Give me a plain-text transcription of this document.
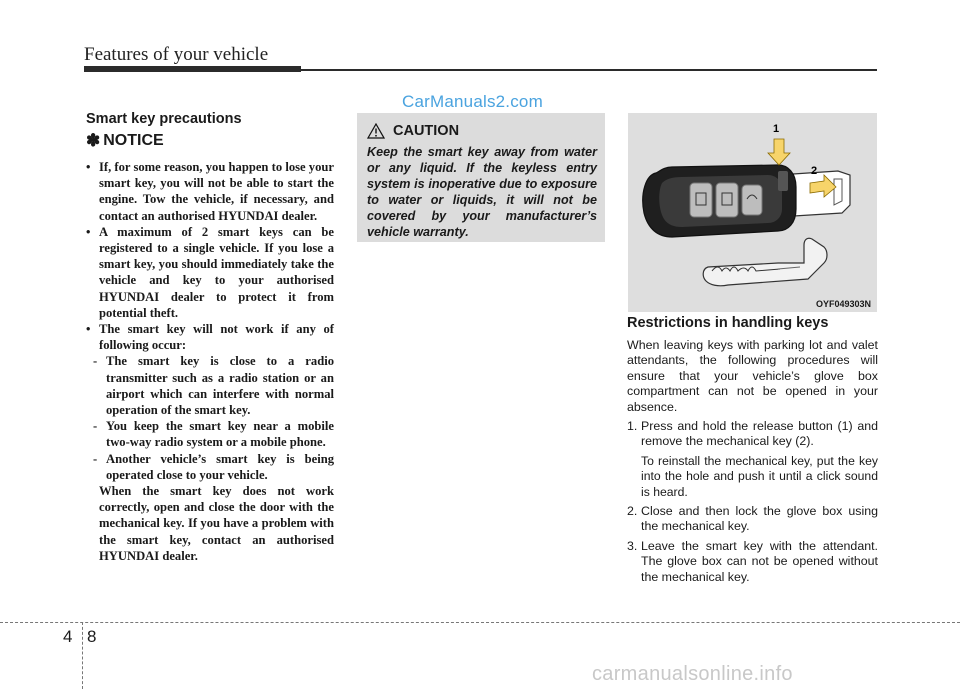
Features of your vehicle
CarManuals2.com
Smart key precautions
✽ NOTICE

• If, for some reason, you happen to lose your smart key, you will not be able to start the engine. Tow the vehicle, if necessary, and contact an authorised HYUNDAI dealer.

• A maximum of 2 smart keys can be registered to a single vehicle. If you lose a smart key, you should immediately take the vehicle and key to your authorised HYUNDAI dealer to protect it from potential theft.

• The smart key will not work if any of following occur:

- The smart key is close to a radio transmitter such as a radio station or an airport which can interfere with normal operation of the smart key.

- You keep the smart key near a mobile two-way radio system or a mobile phone.

- Another vehicle’s smart key is being operated close to your vehicle.

When the smart key does not work correctly, open and close the door with the mechanical key. If you have a problem with the smart key, contact an authorised HYUNDAI dealer.

CAUTION
Keep the smart key away from water or any liquid. If the keyless entry system is inoperative due to exposure to water or liquids, it will not be covered by your manufacturer’s vehicle warranty.
1
2
OYF049303N
Restrictions in handling keys

When leaving keys with parking lot and valet attendants, the following procedures will ensure that your vehicle’s glove box compartment can not be opened in your absence.

1. Press and hold the release button (1) and remove the mechanical key (2).

To reinstall the mechanical key, put the key into the hole and push it until a click sound is heard.

2. Close and then lock the glove box using the mechanical key.

3. Leave the smart key with the attendant. The glove box can not be opened without the mechanical key.

4 8
carmanualsonline.info
